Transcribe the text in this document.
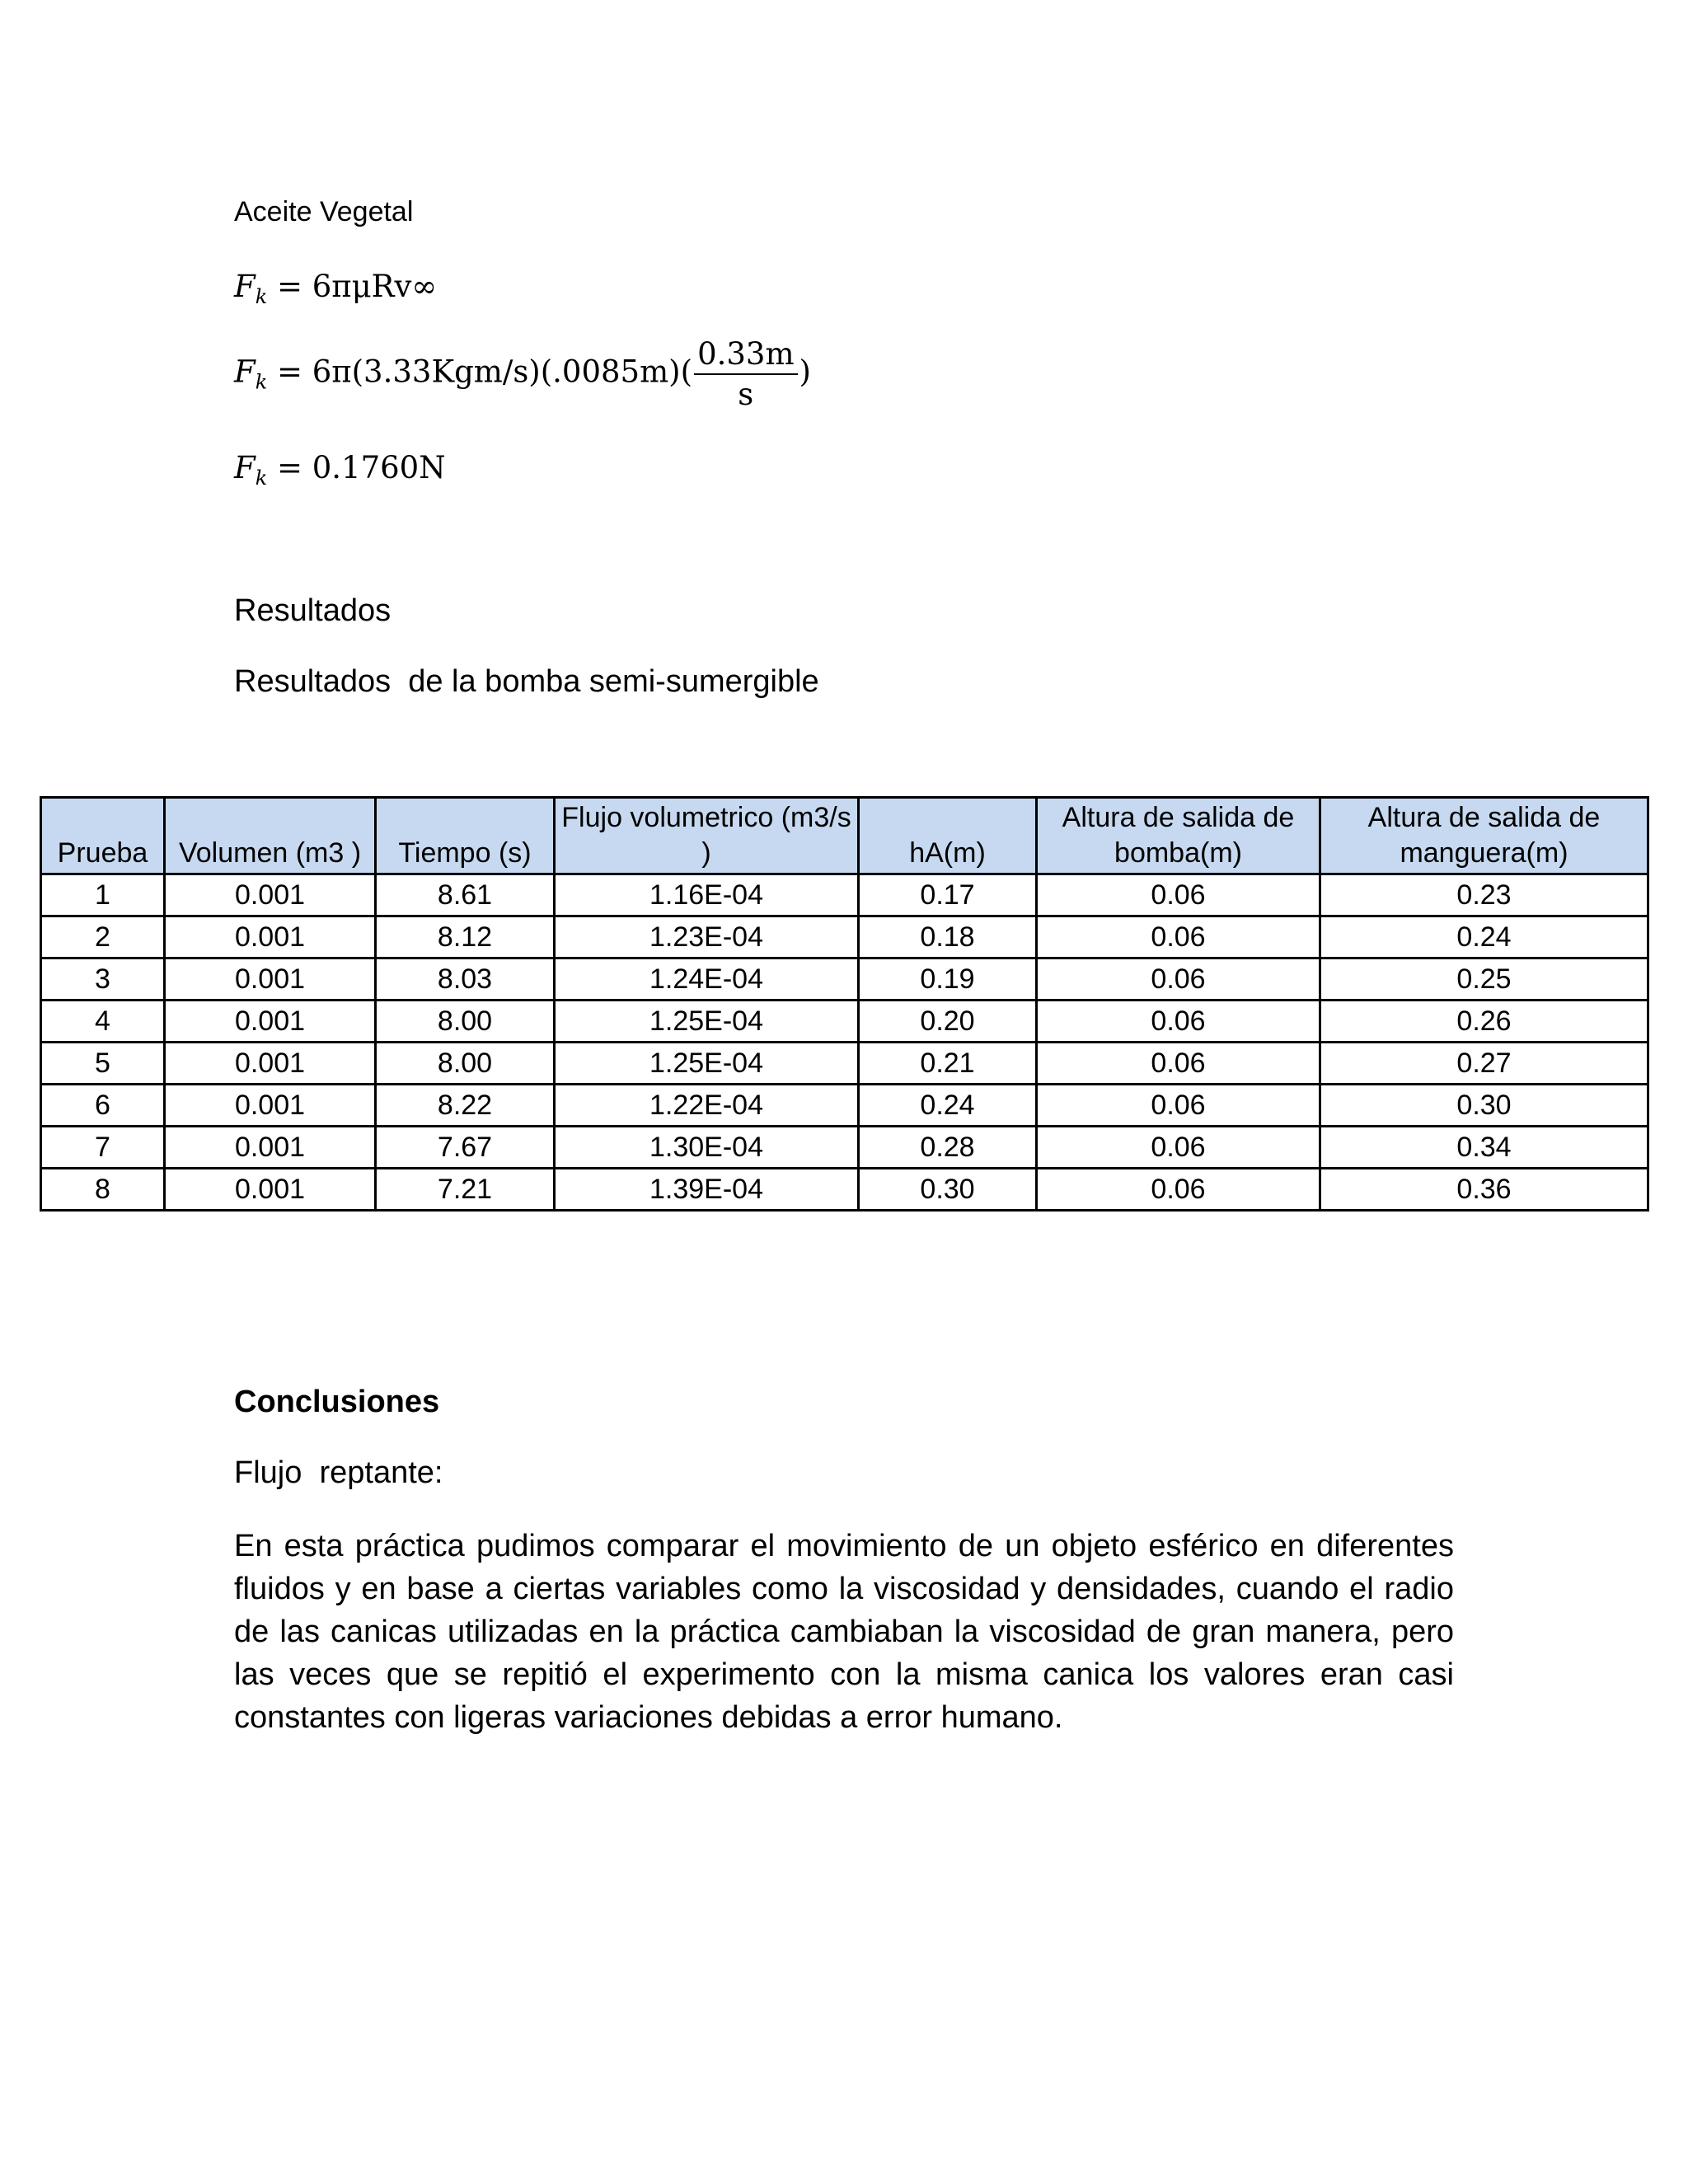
Aceite Vegetal
$F_k = 6\pi\mu Rv\infty$
$F_k = 6\pi(3.33Kgm/s)(.0085m)( \frac{0.33m}{s}$ )
$F_k = 0.1760N$
Resultados
Resultados  de la bomba semi-sumergible
Prueba	Volumen (m3 )	Tiempo (s)	Flujo volumetrico (m3/s )	hA(m)	Altura de salida de bomba(m)	Altura de salida de manguera(m)
1	0.001	8.61	1.16E-04	0.17	0.06	0.23
2	0.001	8.12	1.23E-04	0.18	0.06	0.24
3	0.001	8.03	1.24E-04	0.19	0.06	0.25
4	0.001	8.00	1.25E-04	0.20	0.06	0.26
5	0.001	8.00	1.25E-04	0.21	0.06	0.27
6	0.001	8.22	1.22E-04	0.24	0.06	0.30
7	0.001	7.67	1.30E-04	0.28	0.06	0.34
8	0.001	7.21	1.39E-04	0.30	0.06	0.36
Conclusiones
Flujo  reptante:
En esta práctica pudimos comparar el movimiento de un objeto esférico en diferentes fluidos y en base a ciertas variables como la viscosidad y densidades, cuando el radio de las canicas utilizadas en la práctica cambiaban la viscosidad de gran manera, pero las veces que se repitió el experimento con la misma canica los valores eran casi constantes con ligeras variaciones debidas a error humano.
